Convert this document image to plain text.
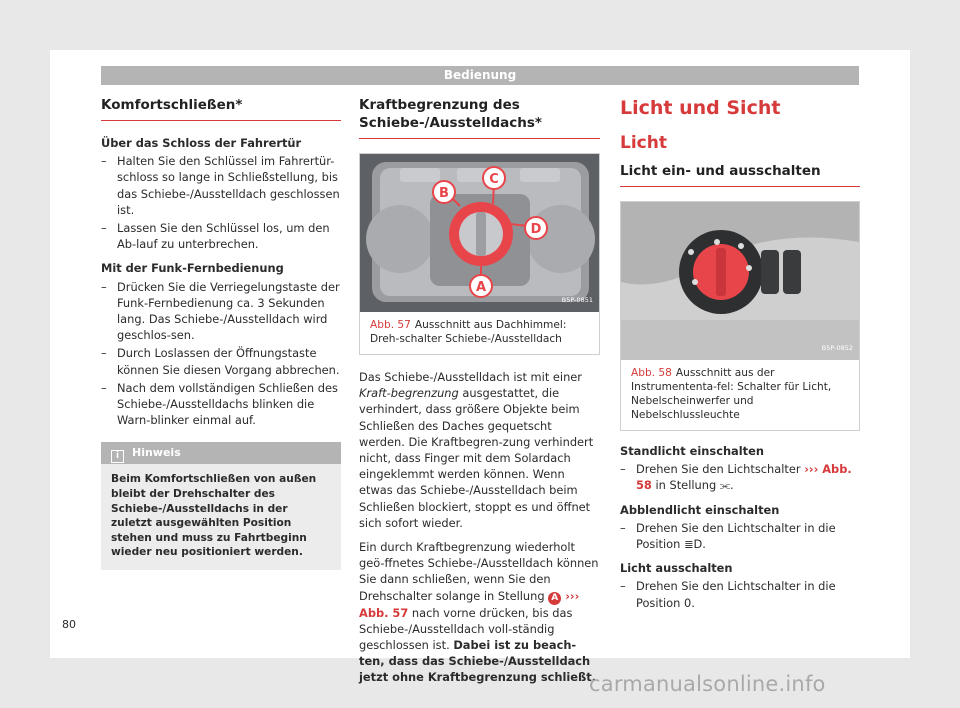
Bedienung
Komfortschließen*
Über das Schloss der Fahrertür
– Halten Sie den Schlüssel im Fahrertür-schloss so lange in Schließstellung, bis das Schiebe-/Ausstelldach geschlossen ist.
– Lassen Sie den Schlüssel los, um den Ab-lauf zu unterbrechen.
Mit der Funk-Fernbedienung
– Drücken Sie die Verriegelungstaste der Funk-Fernbedienung ca. 3 Sekunden lang. Das Schiebe-/Ausstelldach wird geschlos-sen.
– Durch Loslassen der Öffnungstaste können Sie diesen Vorgang abbrechen.
– Nach dem vollständigen Schließen des Schiebe-/Ausstelldachs blinken die Warn-blinker einmal auf.
i Hinweis
Beim Komfortschließen von außen bleibt der Drehschalter des Schiebe-/Ausstelldachs in der zuletzt ausgewählten Position stehen und muss zu Fahrtbeginn wieder neu positioniert werden.
Kraftbegrenzung des
Schiebe-/Ausstelldachs*
C
B
D
A
B5P-0851
Abb. 57 Ausschnitt aus Dachhimmel: Dreh-schalter Schiebe-/Ausstelldach
Das Schiebe-/Ausstelldach ist mit einer Kraft-begrenzung ausgestattet, die verhindert, dass größere Objekte beim Schließen des Daches gequetscht werden. Die Kraftbegren-zung verhindert nicht, dass Finger mit dem Solardach eingeklemmt werden können. Wenn etwas das Schiebe-/Ausstelldach beim Schließen blockiert, stoppt es und öffnet sich sofort wieder.
Ein durch Kraftbegrenzung wiederholt geö-ffnetes Schiebe-/Ausstelldach können Sie dann schließen, wenn Sie den Drehschalter solange in Stellung A ››› Abb. 57 nach vorne drücken, bis das Schiebe-/Ausstelldach voll-ständig geschlossen ist. Dabei ist zu beach-ten, dass das Schiebe-/Ausstelldach jetzt ohne Kraftbegrenzung schließt.
Licht und Sicht
Licht
Licht ein- und ausschalten
B5P-0852
Abb. 58 Ausschnitt aus der Instrumententa-fel: Schalter für Licht, Nebelscheinwerfer und Nebelschlussleuchte
Standlicht einschalten
– Drehen Sie den Lichtschalter ››› Abb. 58 in Stellung ⫘.
Abblendlicht einschalten
– Drehen Sie den Lichtschalter in die Position ≣D.
Licht ausschalten
– Drehen Sie den Lichtschalter in die Position 0.
80
carmanualsonline.info
